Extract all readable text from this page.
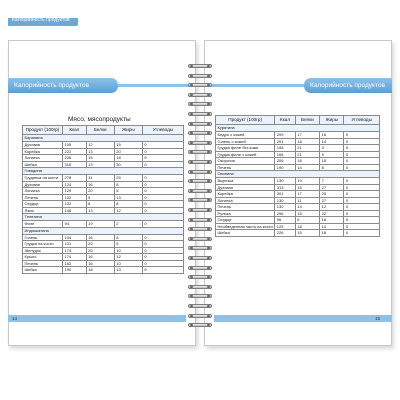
Калорийность продуктов
Калорийность продуктов	Калорийность продуктов
Мясо, мясопродукты
Продукт (100гр)	Ккал	Белки	Жиры	Углеводы
Баранина				
Духовая	105	12	15	0
Корейка	222	13	20	0
Лопатка	226	15	18	0
Шейка	316	13	30	0
Говядина				
Грудинка на кости	278	11	25	0
Духовая	124	16	8	0
Лопатка	129	20	5	0
Печень	132	9	13	0
Сердце	132	8	8	0
Язык	146	13	12	0
Телятина				
Филе	94	19	2	0
Индюшатина				
Голень	134	16	8	0
Грудка на кости	131	20	5	0
Желудок	174	20	10	0
Крыло	174	16	12	0
Печень	162	16	10	0
Шейка	190	18	13	0
Продукт (100гр)	Ккал	Белки	Жиры	Углеводы
Курятина				
Бедро с кожей	209	17	16	0
Голень с кожей	201	18	14	0
Грудка филе без кожи	108	21	3	0
Грудка филе с кожей	166	21	9	0
Окорочок	206	18	15	0
Печень	190	14	8	0
Свинина				
Вырезка	130	19	7	0
Духовая	313	15	27	0
Корейка	301	17	25	0
Лопатка	130	11	27	0
Печень	130	14	12	0
Рулька	256	15	22	0
Сердце	96	6	16	0
Необведенная часть на кости	125	18	14	0
Шейка	226	15	18	0
14	15
